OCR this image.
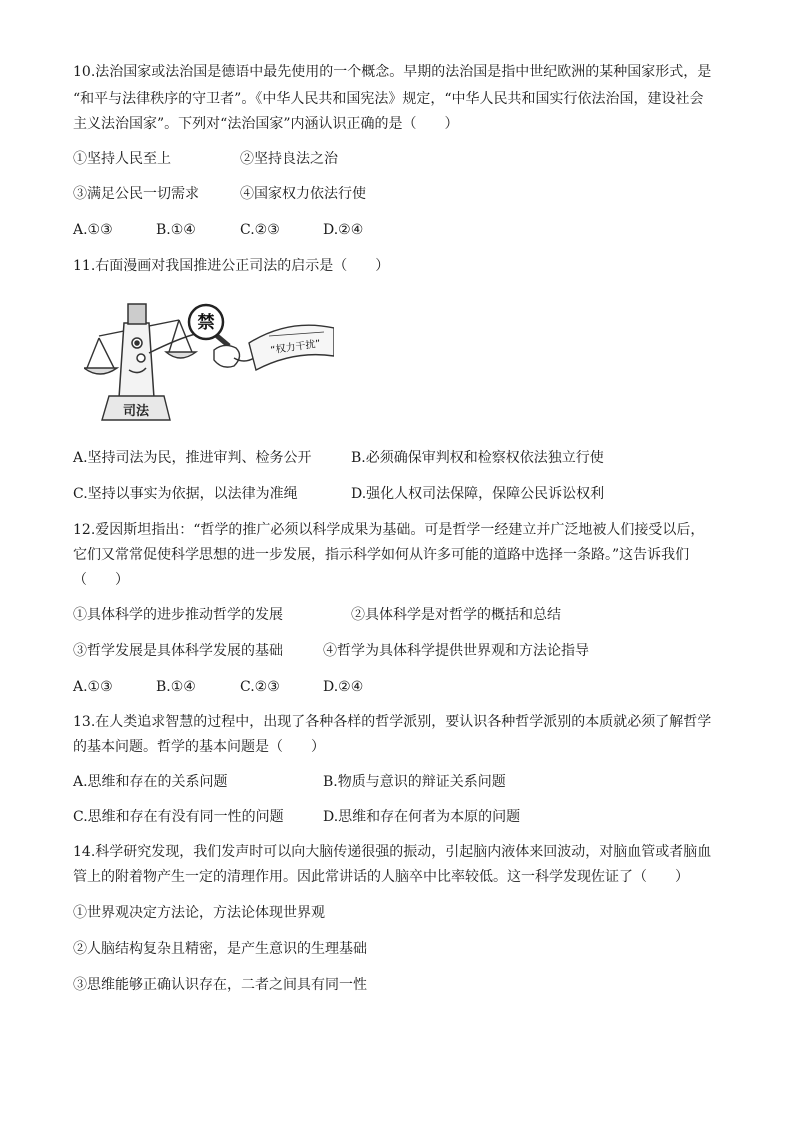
10.法治国家或法治国是德语中最先使用的一个概念。早期的法治国是指中世纪欧洲的某种国家形式，是
“和平与法律秩序的守卫者”。《中华人民共和国宪法》规定，“中华人民共和国实行依法治国，建设社会
主义法治国家”。下列对“法治国家”内涵认识正确的是（　　）
①坚持人民至上	②坚持良法之治
③满足公民一切需求	④国家权力依法行使
A.①③	B.①④	C.②③	D.②④
11.右面漫画对我国推进公正司法的启示是（　　）
司法
禁
“权力干扰”
A.坚持司法为民，推进审判、检务公开	B.必须确保审判权和检察权依法独立行使
C.坚持以事实为依据，以法律为准绳	D.强化人权司法保障，保障公民诉讼权利
12.爱因斯坦指出：“哲学的推广必须以科学成果为基础。可是哲学一经建立并广泛地被人们接受以后，
它们又常常促使科学思想的进一步发展，指示科学如何从许多可能的道路中选择一条路。”这告诉我们
（　　）
①具体科学的进步推动哲学的发展	②具体科学是对哲学的概括和总结
③哲学发展是具体科学发展的基础	④哲学为具体科学提供世界观和方法论指导
A.①③	B.①④	C.②③	D.②④
13.在人类追求智慧的过程中，出现了各种各样的哲学派别，要认识各种哲学派别的本质就必须了解哲学
的基本问题。哲学的基本问题是（　　）
A.思维和存在的关系问题	B.物质与意识的辩证关系问题
C.思维和存在有没有同一性的问题	D.思维和存在何者为本原的问题
14.科学研究发现，我们发声时可以向大脑传递很强的振动，引起脑内液体来回波动，对脑血管或者脑血
管上的附着物产生一定的清理作用。因此常讲话的人脑卒中比率较低。这一科学发现佐证了（　　）
①世界观决定方法论，方法论体现世界观
②人脑结构复杂且精密，是产生意识的生理基础
③思维能够正确认识存在，二者之间具有同一性
